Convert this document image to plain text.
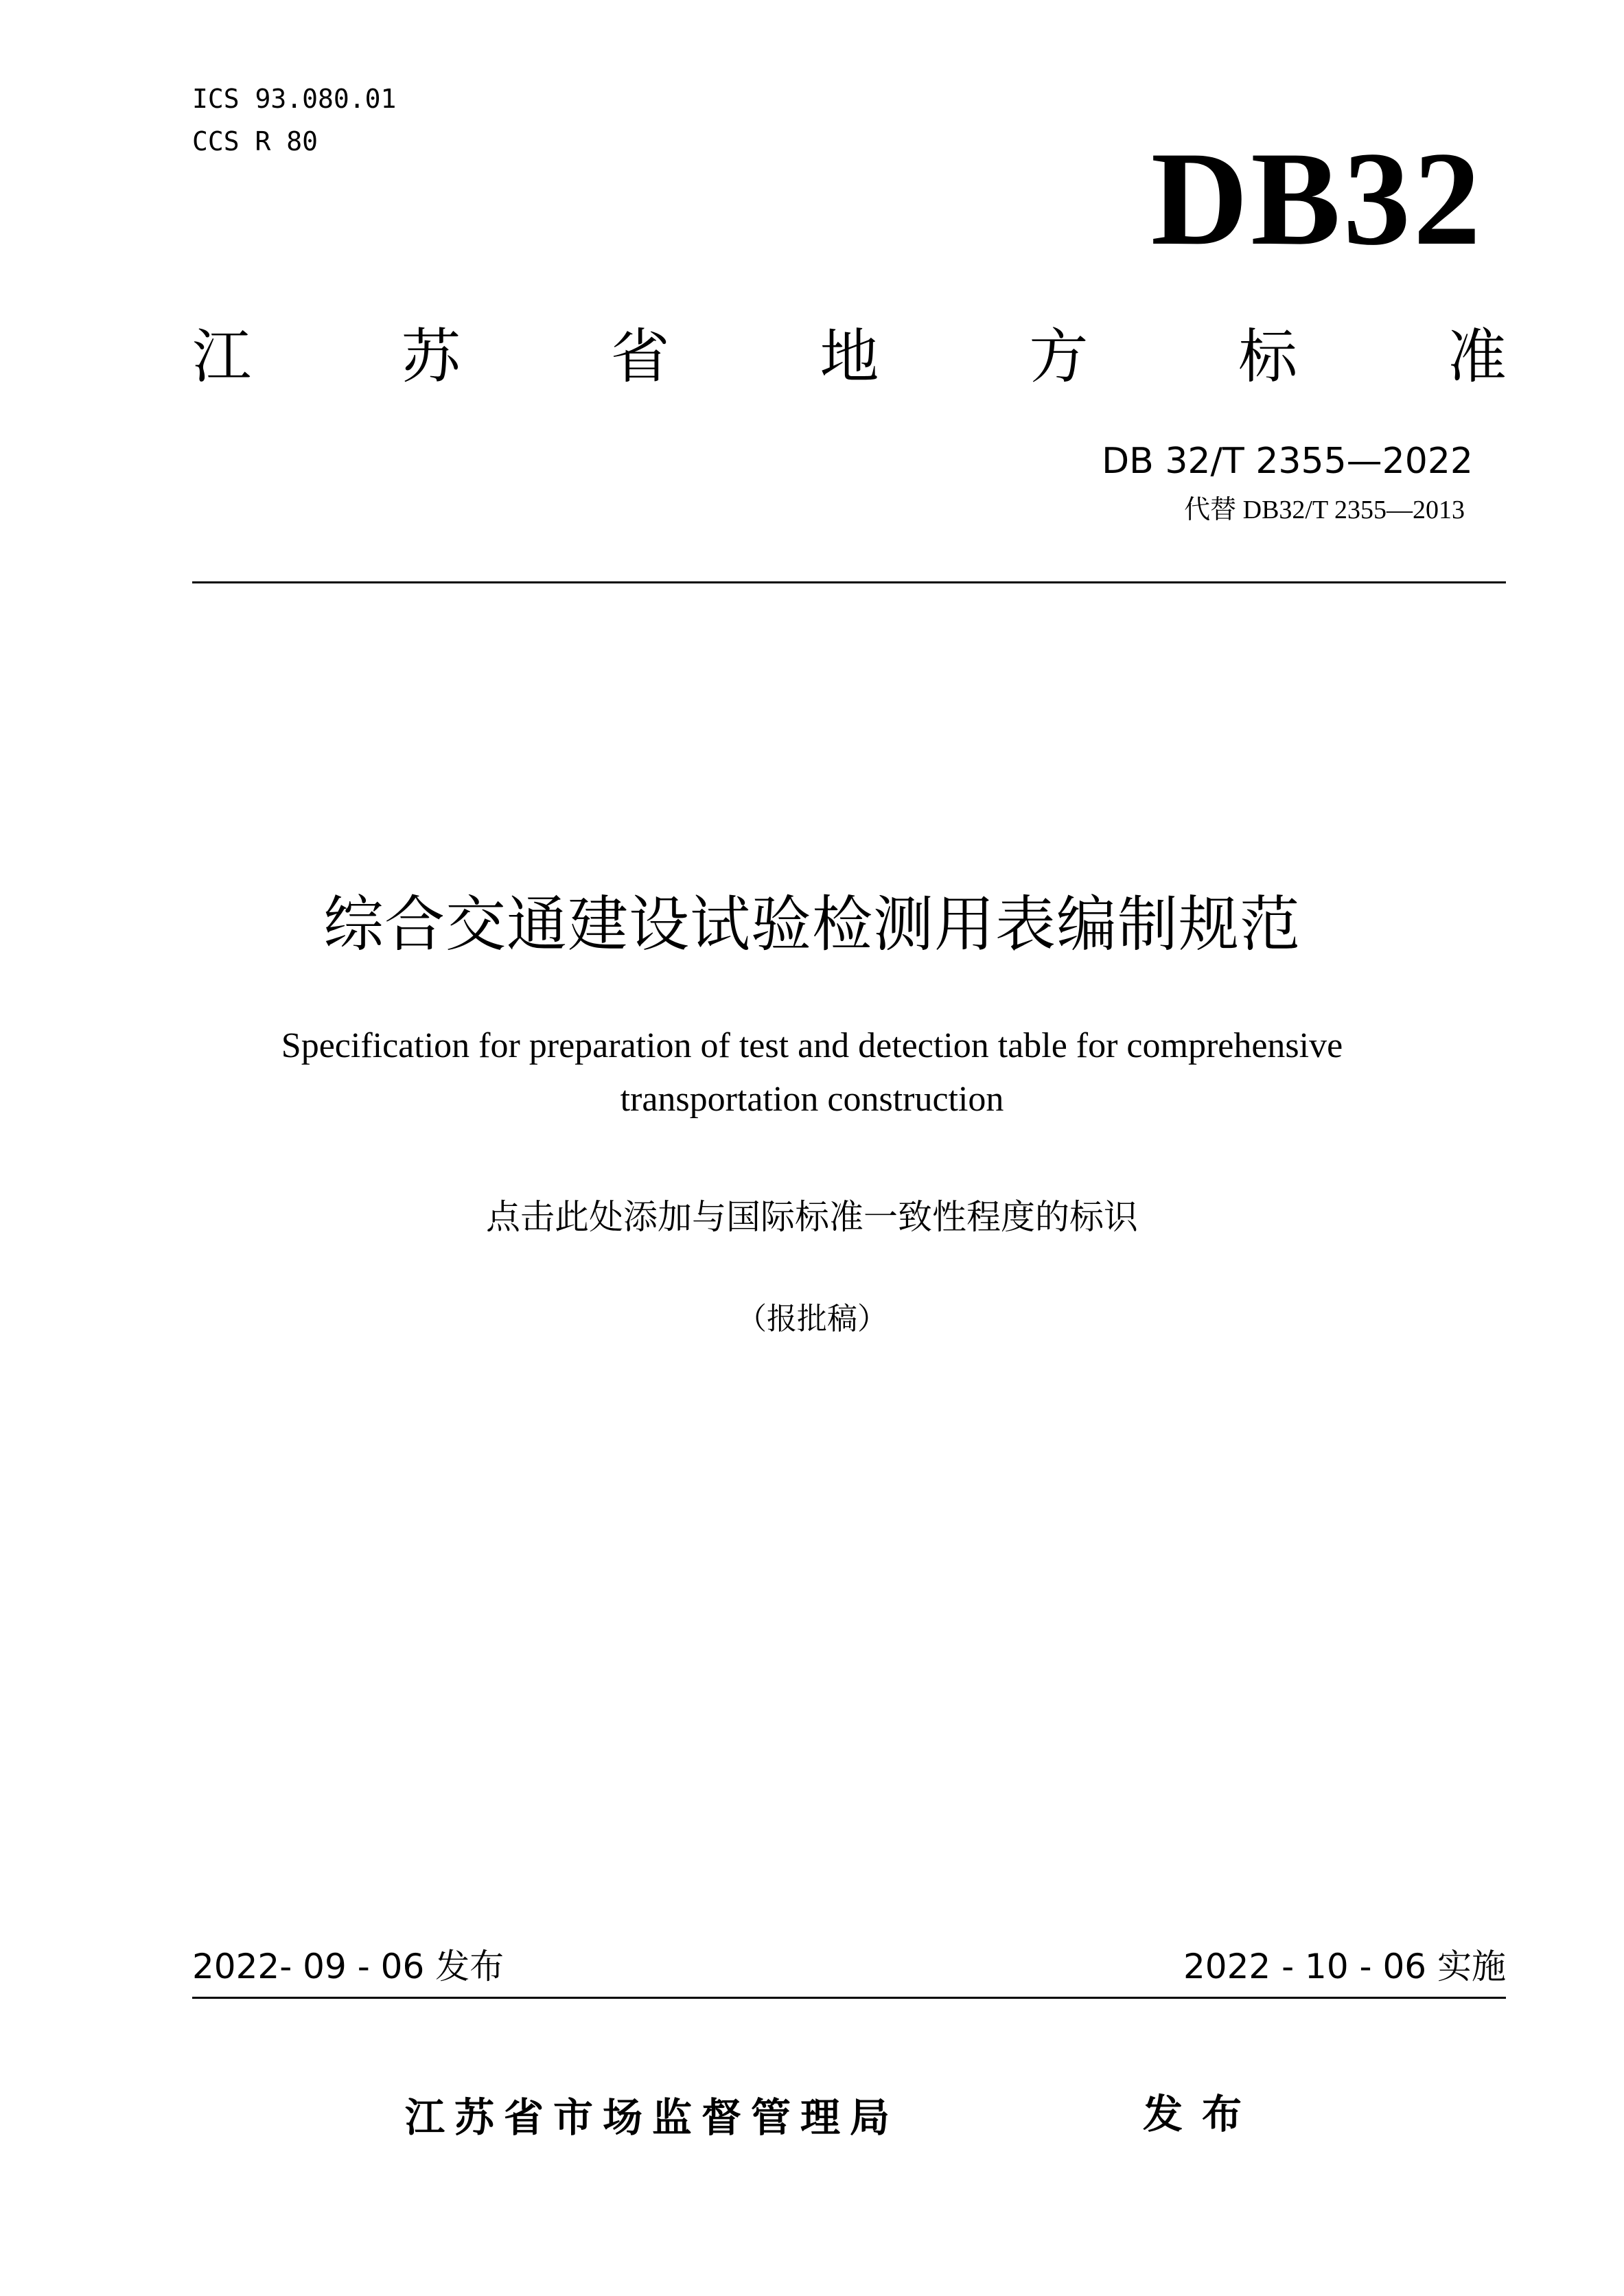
ICS 93.080.01
CCS R 80	DB32
江	苏	省	地	方	标	准
DB 32/T 2355—2022
代替 DB32/T 2355—2013
综合交通建设试验检测用表编制规范
Specification for preparation of test and detection table for comprehensive
transportation construction
点击此处添加与国际标准一致性程度的标识
（报批稿）
2022- 09 - 06 发布	2022 - 10 - 06 实施
江苏省市场监督管理局	发布
